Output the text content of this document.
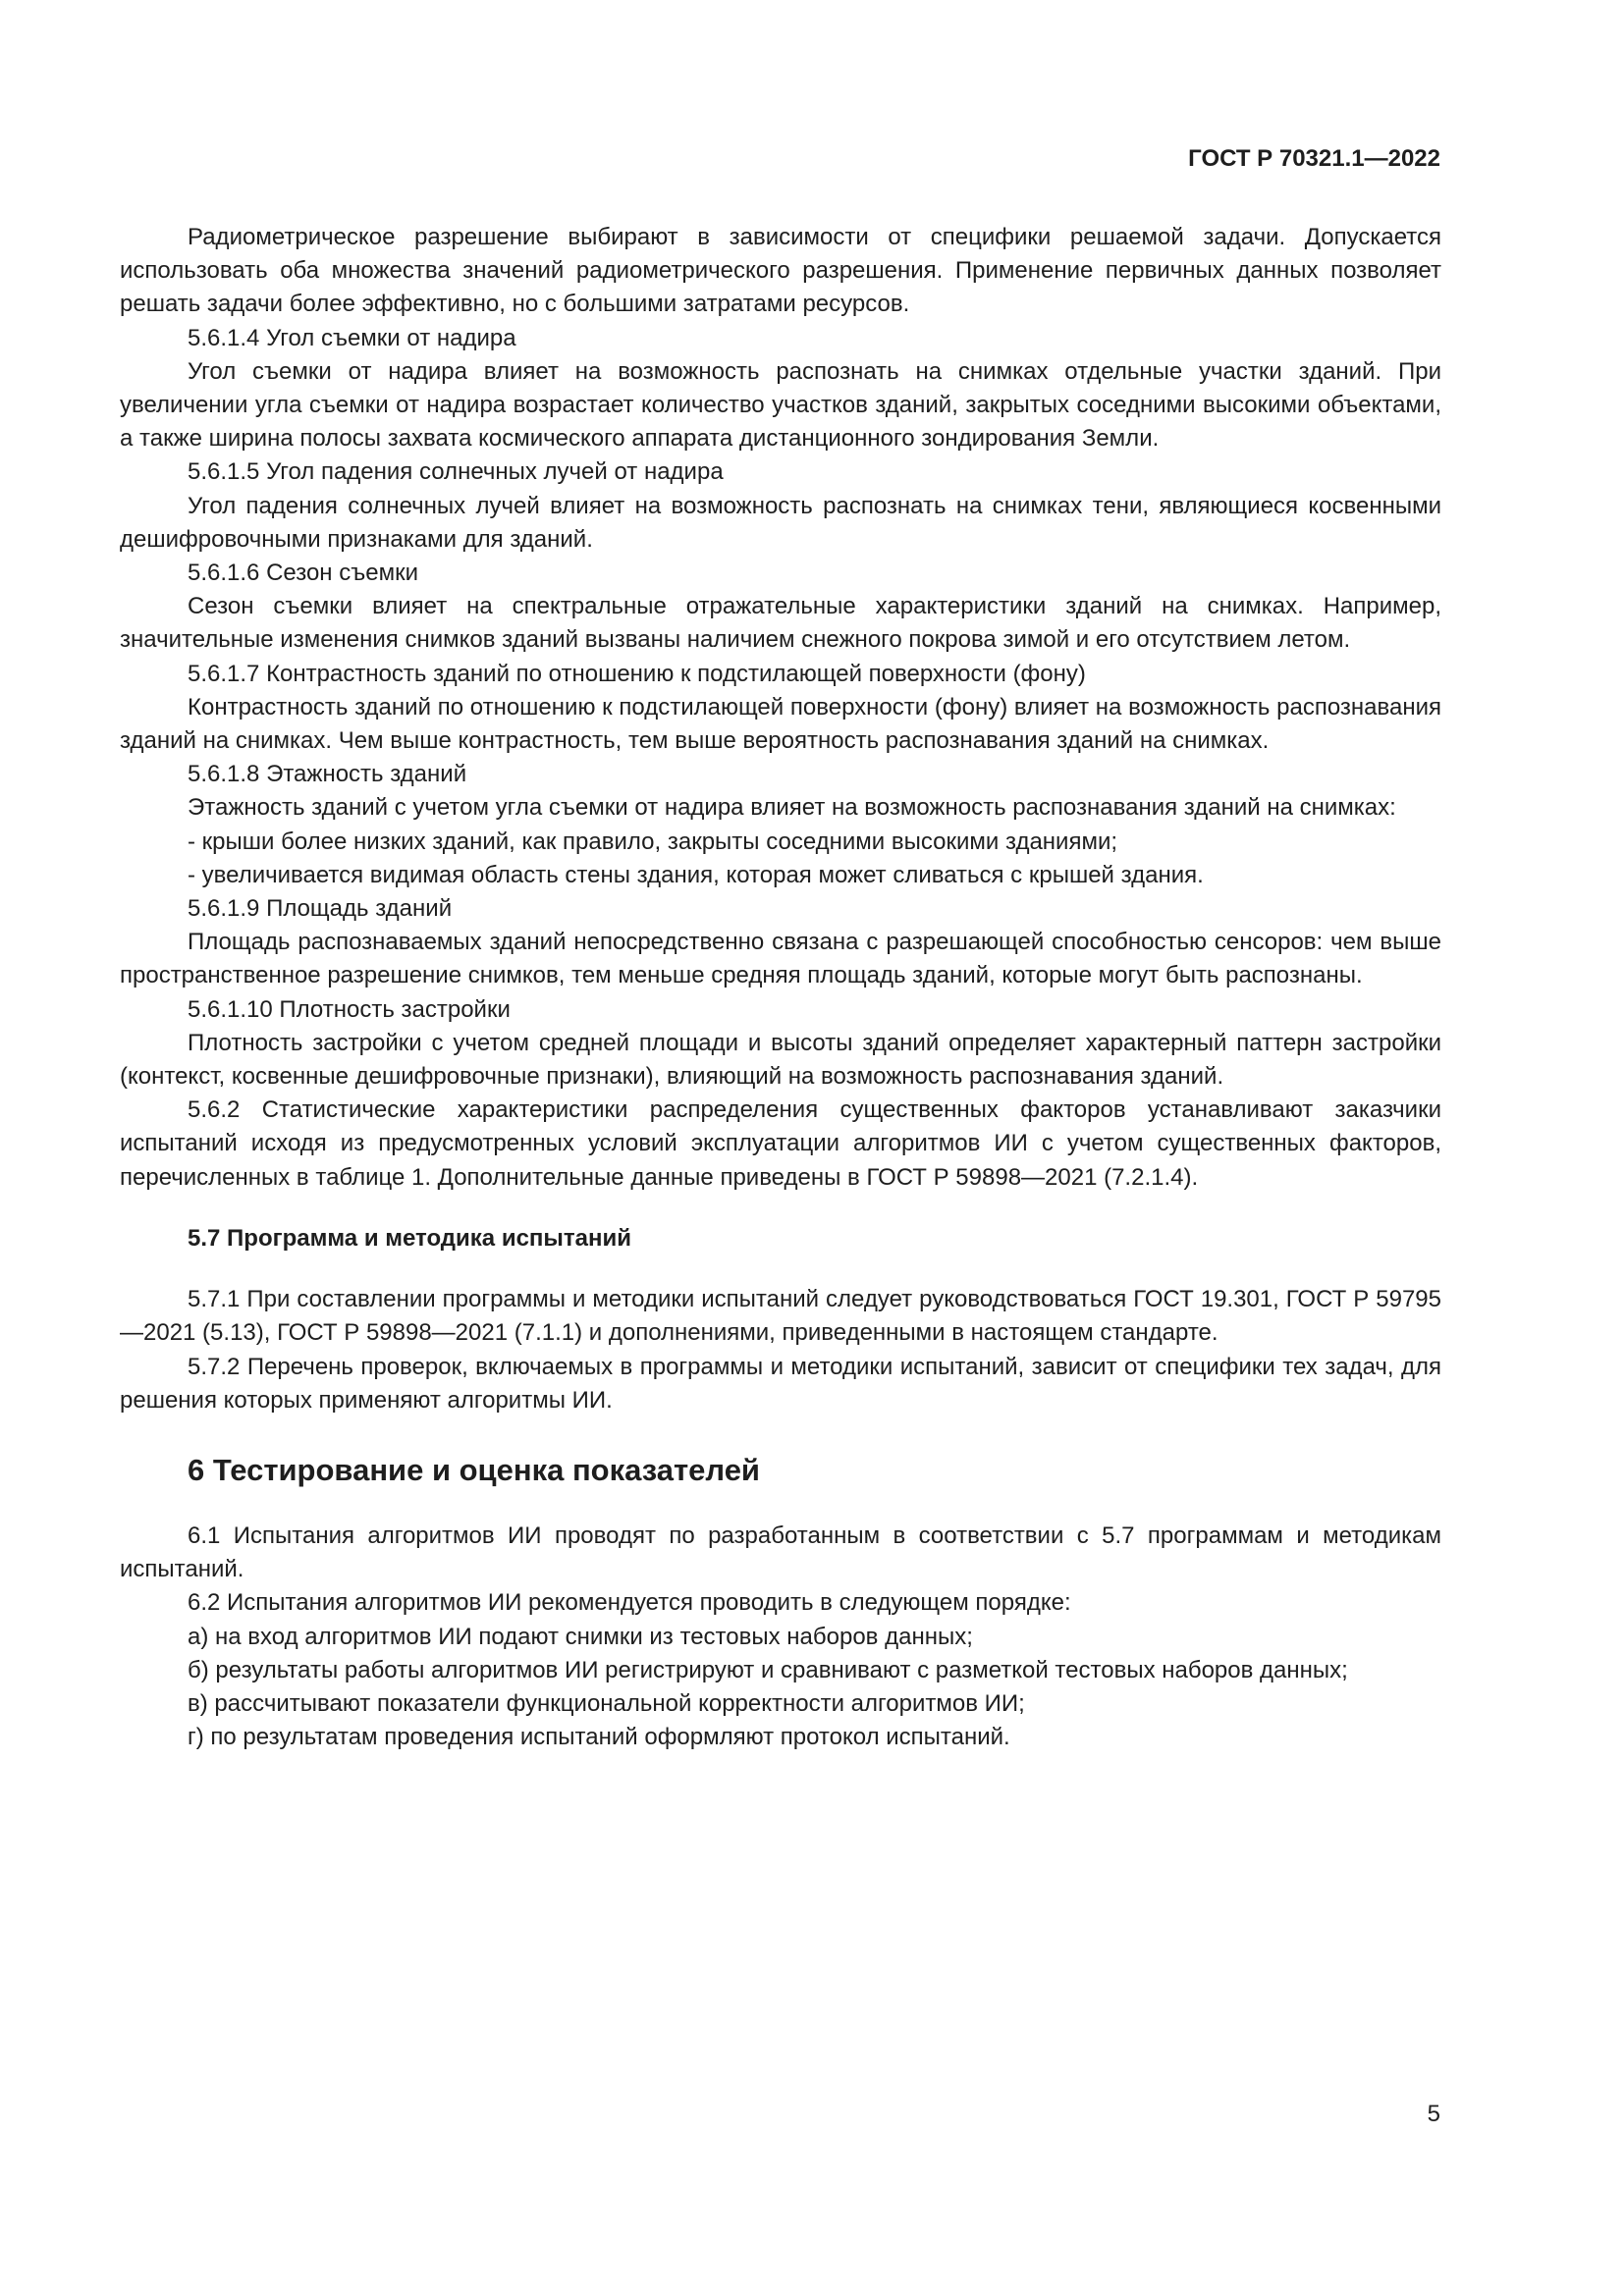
ГОСТ Р 70321.1—2022

Радиометрическое разрешение выбирают в зависимости от специфики решаемой задачи. Допускается использовать оба множества значений радиометрического разрешения. Применение первичных данных позволяет решать задачи более эффективно, но с большими затратами ресурсов.

5.6.1.4 Угол съемки от надира

Угол съемки от надира влияет на возможность распознать на снимках отдельные участки зданий. При увеличении угла съемки от надира возрастает количество участков зданий, закрытых соседними высокими объектами, а также ширина полосы захвата космического аппарата дистанционного зондирования Земли.

5.6.1.5 Угол падения солнечных лучей от надира

Угол падения солнечных лучей влияет на возможность распознать на снимках тени, являющиеся косвенными дешифровочными признаками для зданий.

5.6.1.6 Сезон съемки

Сезон съемки влияет на спектральные отражательные характеристики зданий на снимках. Например, значительные изменения снимков зданий вызваны наличием снежного покрова зимой и его отсутствием летом.

5.6.1.7 Контрастность зданий по отношению к подстилающей поверхности (фону)

Контрастность зданий по отношению к подстилающей поверхности (фону) влияет на возможность распознавания зданий на снимках. Чем выше контрастность, тем выше вероятность распознавания зданий на снимках.

5.6.1.8 Этажность зданий

Этажность зданий с учетом угла съемки от надира влияет на возможность распознавания зданий на снимках:

- крыши более низких зданий, как правило, закрыты соседними высокими зданиями;

- увеличивается видимая область стены здания, которая может сливаться с крышей здания.

5.6.1.9 Площадь зданий

Площадь распознаваемых зданий непосредственно связана с разрешающей способностью сенсоров: чем выше пространственное разрешение снимков, тем меньше средняя площадь зданий, которые могут быть распознаны.

5.6.1.10 Плотность застройки

Плотность застройки с учетом средней площади и высоты зданий определяет характерный паттерн застройки (контекст, косвенные дешифровочные признаки), влияющий на возможность распознавания зданий.

5.6.2 Статистические характеристики распределения существенных факторов устанавливают заказчики испытаний исходя из предусмотренных условий эксплуатации алгоритмов ИИ с учетом существенных факторов, перечисленных в таблице 1. Дополнительные данные приведены в ГОСТ Р 59898—2021 (7.2.1.4).

5.7 Программа и методика испытаний

5.7.1 При составлении программы и методики испытаний следует руководствоваться ГОСТ 19.301, ГОСТ Р 59795—2021 (5.13), ГОСТ Р 59898—2021 (7.1.1) и дополнениями, приведенными в настоящем стандарте.

5.7.2 Перечень проверок, включаемых в программы и методики испытаний, зависит от специфики тех задач, для решения которых применяют алгоритмы ИИ.

6 Тестирование и оценка показателей

6.1 Испытания алгоритмов ИИ проводят по разработанным в соответствии с 5.7 программам и методикам испытаний.

6.2 Испытания алгоритмов ИИ рекомендуется проводить в следующем порядке:

а) на вход алгоритмов ИИ подают снимки из тестовых наборов данных;

б) результаты работы алгоритмов ИИ регистрируют и сравнивают с разметкой тестовых наборов данных;

в) рассчитывают показатели функциональной корректности алгоритмов ИИ;

г) по результатам проведения испытаний оформляют протокол испытаний.

5
